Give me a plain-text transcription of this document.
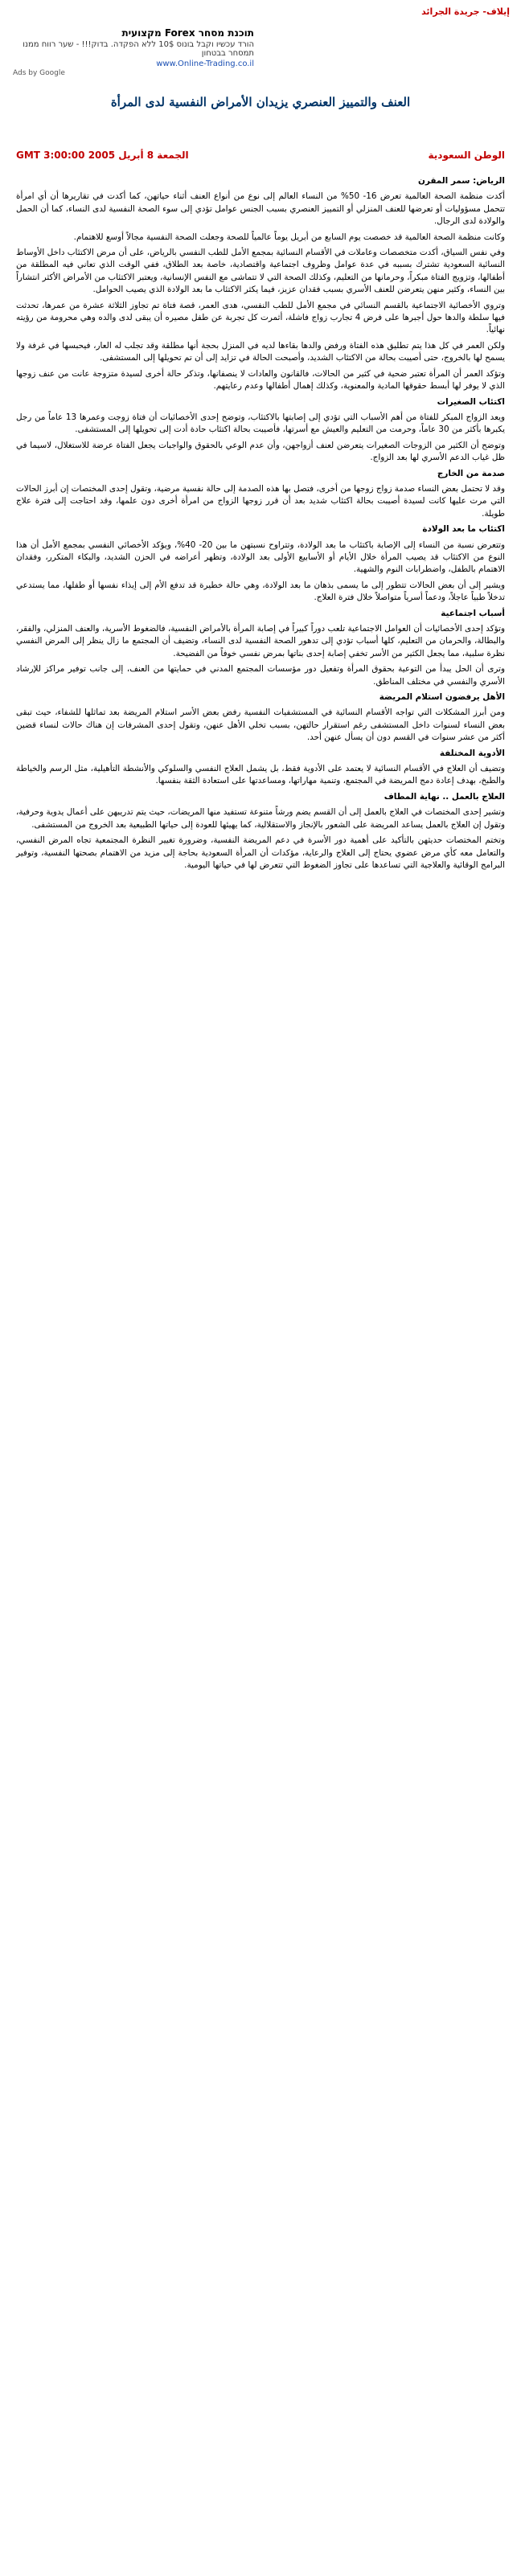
إيلاف- جريدة الجرائد
תוכנת מסחר Forex מקצועית
הורד עכשיו וקבל בונוס 10$ ללא הפקדה. בדוק!!! - שער רווח ממנו תמסחר בבטחון
www.Online-Trading.co.il
Ads by Google
العنف والتمييز العنصري يزيدان الأمراض النفسية لدى المرأة
الوطن السعودية
الجمعة 8 أبريل 2005 GMT 3:00:00

الرياض: سمر المقرن

أكدت منظمة الصحة العالمية تعرض 16- 50% من النساء العالم إلى نوع من أنواع العنف أثناء حياتهن، كما أكدت في تقاريرها أن أي امرأة تتحمل مسؤوليات أو تعرضها للعنف المنزلي أو التمييز العنصري بسبب الجنس عوامل تؤدي إلى سوء الصحة النفسية لدى النساء، كما أن الحمل والولادة لدى الرجال.

وكانت منظمة الصحة العالمية قد خصصت يوم السابع من أبريل يوماً عالمياً للصحة وجعلت الصحة النفسية مجالاً أوسع للاهتمام.

وفي نفس السياق، أكدت متخصصات وعاملات في الأقسام النسائية بمجمع الأمل للطب النفسي بالرياض، على أن مرض الاكتئاب داخل الأوساط النسائية السعودية تشترك بسببه في عدة عوامل وظروف اجتماعية واقتصادية، خاصة بعد الطلاق، ففي الوقت الذي تعاني فيه المطلقة من أطفالها، وتزويج الفتاة مبكراً، وحرمانها من التعليم، وكذلك الصحة التي لا تتماشى مع النفس الإنسانية، ويعتبر الاكتئاب من الأمراض الأكثر انتشاراً بين النساء، وكثير منهن يتعرضن للعنف الأسري بسبب فقدان عزيز، فيما يكثر الاكتئاب ما بعد الولادة الذي يصيب الحوامل.

وتروي الأخصائية الاجتماعية بالقسم النسائي في مجمع الأمل للطب النفسي، هدى العمر، قصة فتاة تم تجاوز الثلاثة عشرة من عمرها، تحدثت فيها سلطة والدها حول أجبرها على فرض 4 تجارب زواج فاشلة، أثمرت كل تجربة عن طفل مصيره أن يبقى لدى والده وهي محرومة من رؤيته نهائياً.

ولكن العمر في كل هذا يتم تطليق هذه الفتاة ورفض والدها بقاءها لديه في المنزل بحجة أنها مطلقة وقد تجلب له العار، فيحبسها في غرفة ولا يسمح لها بالخروج، حتى أصيبت بحالة من الاكتئاب الشديد، وأصبحت الحالة في تزايد إلى أن تم تحويلها إلى المستشفى.

وتؤكد العمر أن المرأة تعتبر ضحية في كثير من الحالات، فالقانون والعادات لا ينصفانها، وتذكر حالة أخرى لسيدة متزوجة عانت من عنف زوجها الذي لا يوفر لها أبسط حقوقها المادية والمعنوية، وكذلك إهمال أطفالها وعدم رعايتهم.

اكتئاب الصغيرات

ويعد الزواج المبكر للفتاة من أهم الأسباب التي تؤدي إلى إصابتها بالاكتئاب، وتوضح إحدى الأخصائيات أن فتاة زوجت وعمرها 13 عاماً من رجل يكبرها بأكثر من 30 عاماً، وحرمت من التعليم والعيش مع أسرتها، فأصيبت بحالة اكتئاب حادة أدت إلى تحويلها إلى المستشفى.

وتوضح أن الكثير من الزوجات الصغيرات يتعرضن لعنف أزواجهن، وأن عدم الوعي بالحقوق والواجبات يجعل الفتاة عرضة للاستغلال، لاسيما في ظل غياب الدعم الأسري لها بعد الزواج.

صدمة من الخارج

وقد لا تحتمل بعض النساء صدمة زواج زوجها من أخرى، فتصل بها هذه الصدمة إلى حالة نفسية مرضية، وتقول إحدى المختصات إن أبرز الحالات التي مرت عليها كانت لسيدة أصيبت بحالة اكتئاب شديد بعد أن قرر زوجها الزواج من امرأة أخرى دون علمها، وقد احتاجت إلى فترة علاج طويلة.

اكتئاب ما بعد الولادة

وتتعرض نسبة من النساء إلى الإصابة باكتئاب ما بعد الولادة، وتتراوح نسبتهن ما بين 20- 40%، ويؤكد الأخصائي النفسي بمجمع الأمل أن هذا النوع من الاكتئاب قد يصيب المرأة خلال الأيام أو الأسابيع الأولى بعد الولادة، وتظهر أعراضه في الحزن الشديد، والبكاء المتكرر، وفقدان الاهتمام بالطفل، واضطرابات النوم والشهية.

ويشير إلى أن بعض الحالات تتطور إلى ما يسمى بذهان ما بعد الولادة، وهي حالة خطيرة قد تدفع الأم إلى إيذاء نفسها أو طفلها، مما يستدعي تدخلاً طبياً عاجلاً، ودعماً أسرياً متواصلاً خلال فترة العلاج.

أسباب اجتماعية

وتؤكد إحدى الأخصائيات أن العوامل الاجتماعية تلعب دوراً كبيراً في إصابة المرأة بالأمراض النفسية، فالضغوط الأسرية، والعنف المنزلي، والفقر، والبطالة، والحرمان من التعليم، كلها أسباب تؤدي إلى تدهور الصحة النفسية لدى النساء، وتضيف أن المجتمع ما زال ينظر إلى المرض النفسي نظرة سلبية، مما يجعل الكثير من الأسر تخفي إصابة إحدى بناتها بمرض نفسي خوفاً من الفضيحة.

وترى أن الحل يبدأ من التوعية بحقوق المرأة وتفعيل دور مؤسسات المجتمع المدني في حمايتها من العنف، إلى جانب توفير مراكز للإرشاد الأسري والنفسي في مختلف المناطق.

الأهل يرفضون استلام المريضة

ومن أبرز المشكلات التي تواجه الأقسام النسائية في المستشفيات النفسية رفض بعض الأسر استلام المريضة بعد تماثلها للشفاء، حيث تبقى بعض النساء لسنوات داخل المستشفى رغم استقرار حالتهن، بسبب تخلي الأهل عنهن، وتقول إحدى المشرفات إن هناك حالات لنساء قضين أكثر من عشر سنوات في القسم دون أن يسأل عنهن أحد.

الأدوية المختلفة

وتضيف أن العلاج في الأقسام النسائية لا يعتمد على الأدوية فقط، بل يشمل العلاج النفسي والسلوكي والأنشطة التأهيلية، مثل الرسم والخياطة والطبخ، بهدف إعادة دمج المريضة في المجتمع، وتنمية مهاراتها، ومساعدتها على استعادة الثقة بنفسها.

العلاج بالعمل .. نهاية المطاف

وتشير إحدى المختصات في العلاج بالعمل إلى أن القسم يضم ورشاً متنوعة تستفيد منها المريضات، حيث يتم تدريبهن على أعمال يدوية وحرفية، وتقول إن العلاج بالعمل يساعد المريضة على الشعور بالإنجاز والاستقلالية، كما يهيئها للعودة إلى حياتها الطبيعية بعد الخروج من المستشفى.

وتختم المختصات حديثهن بالتأكيد على أهمية دور الأسرة في دعم المريضة النفسية، وضرورة تغيير النظرة المجتمعية تجاه المرض النفسي، والتعامل معه كأي مرض عضوي يحتاج إلى العلاج والرعاية، مؤكدات أن المرأة السعودية بحاجة إلى مزيد من الاهتمام بصحتها النفسية، وتوفير البرامج الوقائية والعلاجية التي تساعدها على تجاوز الضغوط التي تتعرض لها في حياتها اليومية.
